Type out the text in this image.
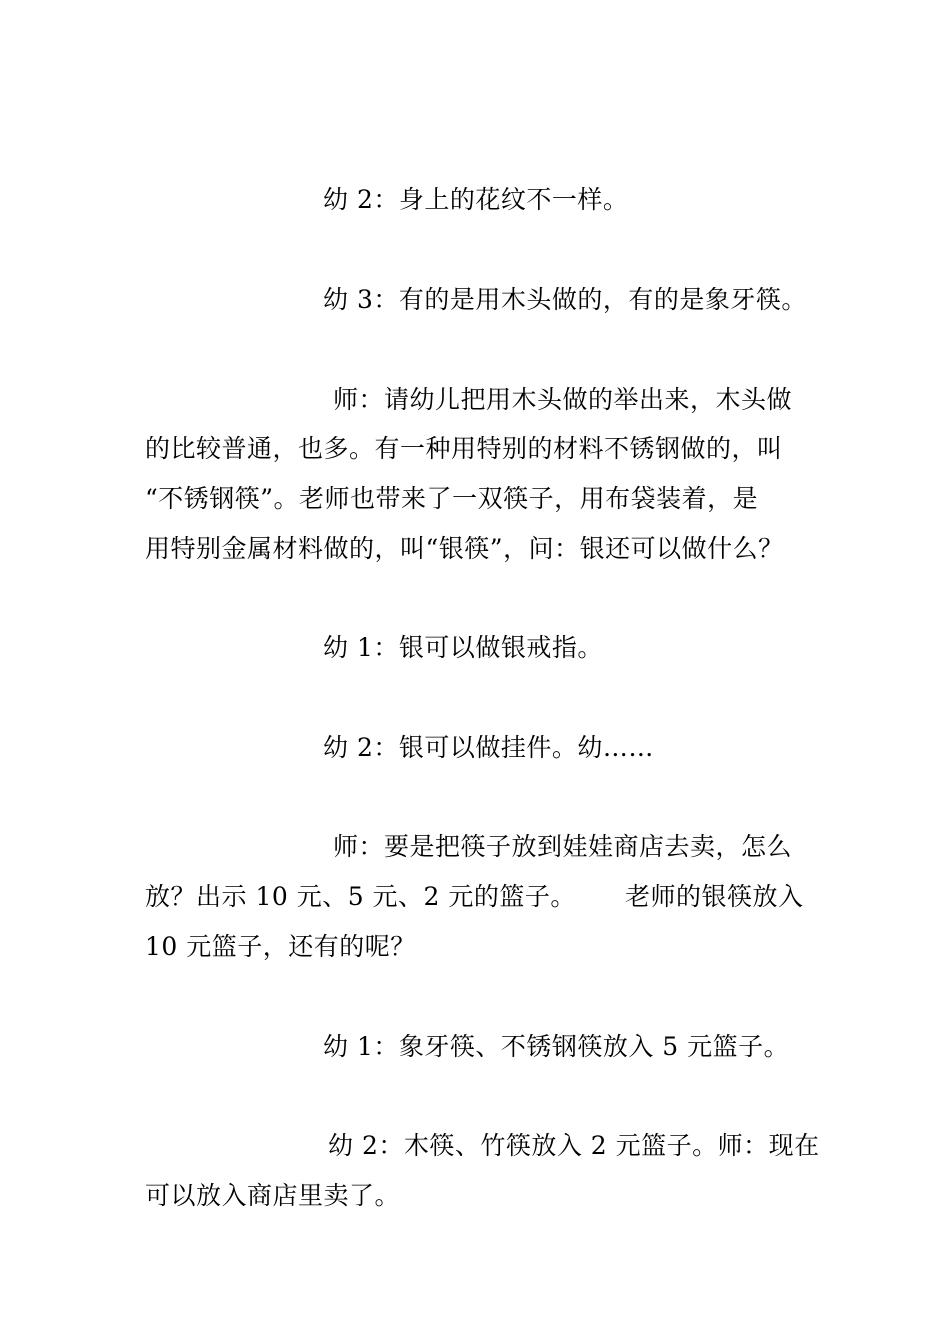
幼 2：身上的花纹不一样。
幼 3：有的是用木头做的，有的是象牙筷。
师：请幼儿把用木头做的举出来，木头做
的比较普通，也多。有一种用特别的材料不锈钢做的，叫
“不锈钢筷”。老师也带来了一双筷子，用布袋装着，是
用特别金属材料做的，叫“银筷”，问：银还可以做什么？
幼 1：银可以做银戒指。
幼 2：银可以做挂件。幼……
师：要是把筷子放到娃娃商店去卖，怎么
放？出示 10 元、5 元、2 元的篮子。 老师的银筷放入
10 元篮子，还有的呢？
幼 1：象牙筷、不锈钢筷放入 5 元篮子。
幼 2：木筷、竹筷放入 2 元篮子。师：现在
可以放入商店里卖了。
